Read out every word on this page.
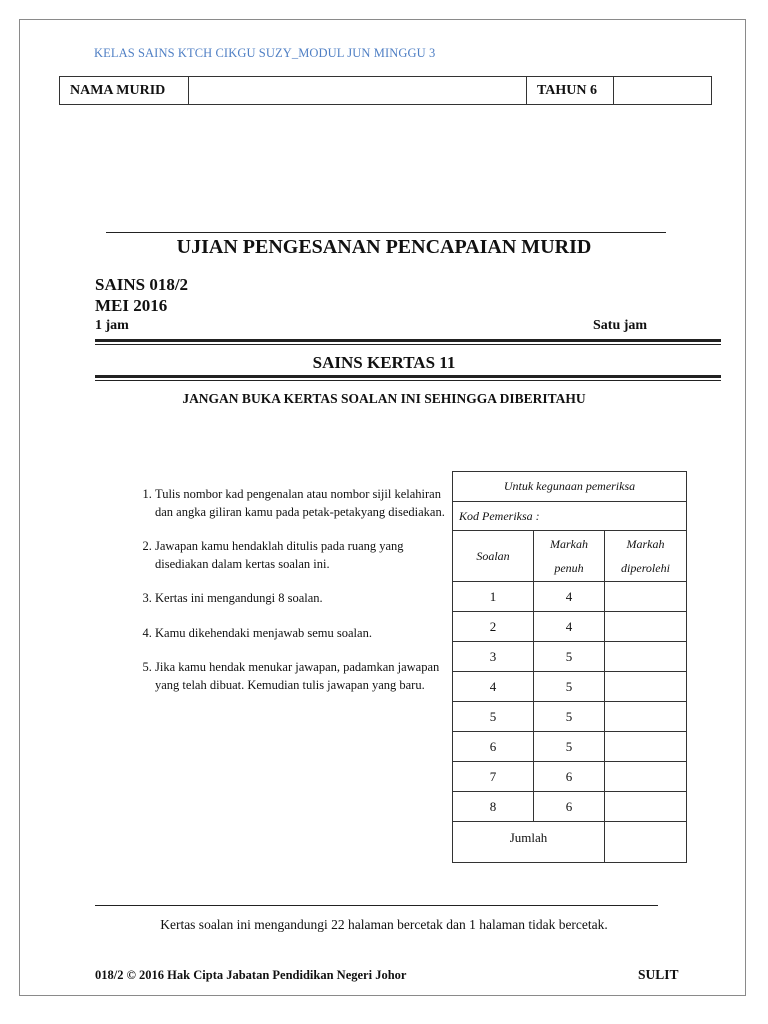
KELAS SAINS KTCH CIKGU SUZY_MODUL JUN MINGGU 3
NAMA MURID		TAHUN 6	
UJIAN PENGESANAN PENCAPAIAN MURID
SAINS 018/2
MEI 2016
1 jam	Satu jam
SAINS KERTAS 11
JANGAN BUKA KERTAS SOALAN INI SEHINGGA DIBERITAHU
1. Tulis nombor kad pengenalan atau nombor sijil kelahiran dan angka giliran kamu pada petak-petakyang disediakan.
2. Jawapan kamu hendaklah ditulis pada ruang yang disediakan dalam kertas soalan ini.
3. Kertas ini mengandungi 8 soalan.
4. Kamu dikehendaki menjawab semu soalan.
5. Jika kamu hendak menukar jawapan, padamkan jawapan yang telah dibuat. Kemudian tulis jawapan yang baru.
Untuk kegunaan pemeriksa		
Kod Pemeriksa :		
Soalan	Markah penuh	Markah diperolehi
1	4	
2	4	
3	5	
4	5	
5	5	
6	5	
7	6	
8	6	
Jumlah		
Kertas soalan ini mengandungi 22 halaman bercetak dan 1 halaman tidak bercetak.
018/2 © 2016 Hak Cipta Jabatan Pendidikan Negeri Johor	SULIT
